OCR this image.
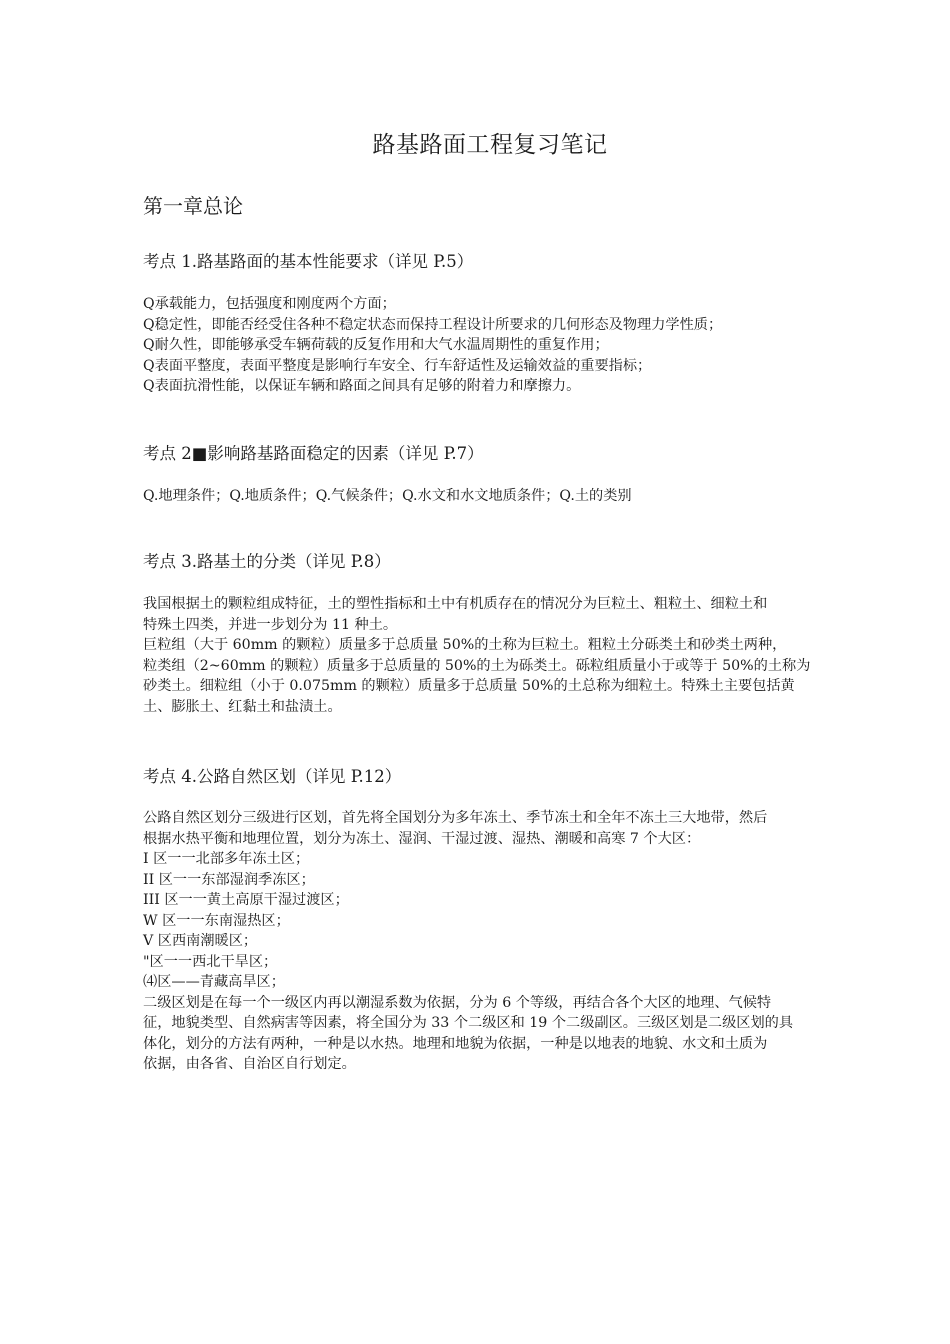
路基路面工程复习笔记
第一章总论
考点 1.路基路面的基本性能要求（详见 P.5）
Q承载能力，包括强度和刚度两个方面；
Q稳定性，即能否经受住各种不稳定状态而保持工程设计所要求的几何形态及物理力学性质；
Q耐久性，即能够承受车辆荷载的反复作用和大气水温周期性的重复作用；
Q表面平整度，表面平整度是影响行车安全、行车舒适性及运输效益的重要指标；
Q表面抗滑性能，以保证车辆和路面之间具有足够的附着力和摩擦力。
考点 2■影响路基路面稳定的因素（详见 P.7）
Q.地理条件；Q.地质条件；Q.气候条件；Q.水文和水文地质条件；Q.土的类别
考点 3.路基土的分类（详见 P.8）
我国根据土的颗粒组成特征，土的塑性指标和土中有机质存在的情况分为巨粒土、粗粒土、细粒土和
特殊土四类，并进一步划分为 11 种土。
巨粒组（大于 60mm 的颗粒）质量多于总质量 50%的土称为巨粒土。粗粒土分砾类土和砂类土两种，
粒类组（2~60mm 的颗粒）质量多于总质量的 50%的土为砾类土。砾粒组质量小于或等于 50%的土称为
砂类土。细粒组（小于 0.075mm 的颗粒）质量多于总质量 50%的土总称为细粒土。特殊土主要包括黄
土、膨胀土、红黏土和盐渍土。
考点 4.公路自然区划（详见 P.12）
公路自然区划分三级进行区划，首先将全国划分为多年冻土、季节冻土和全年不冻土三大地带，然后
根据水热平衡和地理位置，划分为冻土、湿润、干湿过渡、湿热、潮暖和高寒 7 个大区：
I 区一一北部多年冻土区；
II 区一一东部湿润季冻区；
III 区一一黄土高原干湿过渡区；
W 区一一东南湿热区；
V 区西南潮暖区；
"区一一西北干旱区；
⑷区——青藏高旱区；
二级区划是在每一个一级区内再以潮湿系数为依据，分为 6 个等级，再结合各个大区的地理、气候特
征，地貌类型、自然病害等因素，将全国分为 33 个二级区和 19 个二级副区。三级区划是二级区划的具
体化，划分的方法有两种，一种是以水热。地理和地貌为依据，一种是以地表的地貌、水文和土质为
依据，由各省、自治区自行划定。
